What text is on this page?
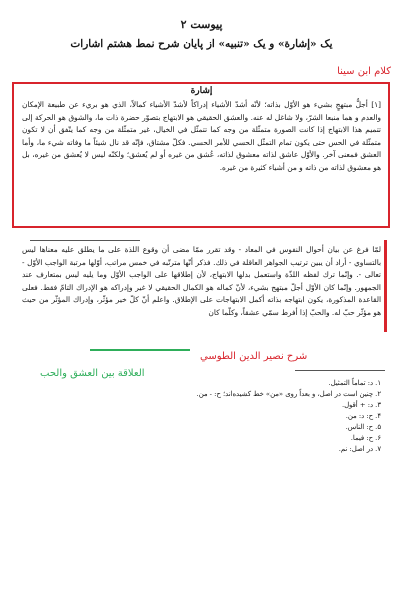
پیوست ۲
یک «إشارة» و یک «تنبیه» از پایان شرح نمط هشتم اشارات
کلام ابن سینا
إشارة
[۱] أجلُّ مبتهجٍ بشيء هو الأوّل بذاته؛ لأنّه أشدّ الأشياء إدراكاً لأشدّ الأشياء كمالاً، الذي هو بريء عن طبيعة الإمكان والعدم و هما منبعا الشرّ، ولا شاغل له عنه. والعشق الحقیقي هو الابتهاج بتصوّر حضرة ذات ما، والشوق هو الحركة إلى تتميم هذا الابتهاج إذا كانت الصورة متمثّلة من وجه كما تتمثّل في الخيال، غير متمثّلة من وجه كما يتّفق أن لا تكون متمثّلة في الحس حتى يكون تمام التمثّل الحسي للأمر الحسي. فكلّ مشتاق، فإنّه قد نال شيئاً ما وفاته شيء ما، وأما العشق فمعنى آخر. والأوّل عاشق لذاته معشوق لذاته، عُشق من غيره أو لم يُعشق؛ ولكنّه ليس لا يُعشق من غيره، بل هو معشوق لذاته من ذاته و من أشياء كثيرة من غيره.
لمّا فرغ عن بيان أحوال النفوس في المعاد - وقد تقرر ممّا مضى أن وقوع اللذة على ما يطلق عليه معناها ليس بالتساوي - أراد أن يبين ترتيب الجواهر العاقلة في ذلك. فذكر أنّها مترتّبه في خمس مراتب، أوّلها مرتبة الواجب الأوّل - تعالى -. وإنّما ترك لفظه اللذّة واستعمل بدلها الابتهاج، لأن إطلاقها على الواجب الأوّل وما يليه ليس بمتعارف عند الجمهور. وإنّما كان الأوّل أجلّ مبتهج بشيء، لأنّ كماله هو الكمال الحقيقي لا غير وإدراكه هو الإدراك التامّ فقط. فعلى القاعدة المذكورة، يكون ابتهاجه بذاته أكمل الابتهاجات على الإطلاق. واعلم أنّ كلّ خير مؤثّر، وإدراك المؤثّر من حيث هو مؤثّر حبّ له. والحبّ إذا أفرط سمّي عشقاً، وكلّما كان
شرح نصیر الدین الطوسي
العلاقة بین العشق والحب
۱. د: تماماً التمثيل.
۲. چنین است در اصل، و بعداً روی «من» خط کشیده‌اند؛ ح: - من.
۳. د: + أقول.
۴. ح: د: من.
۵. ح: الناس.
۶. ح: فيما.
۷. در اصل: نم.
